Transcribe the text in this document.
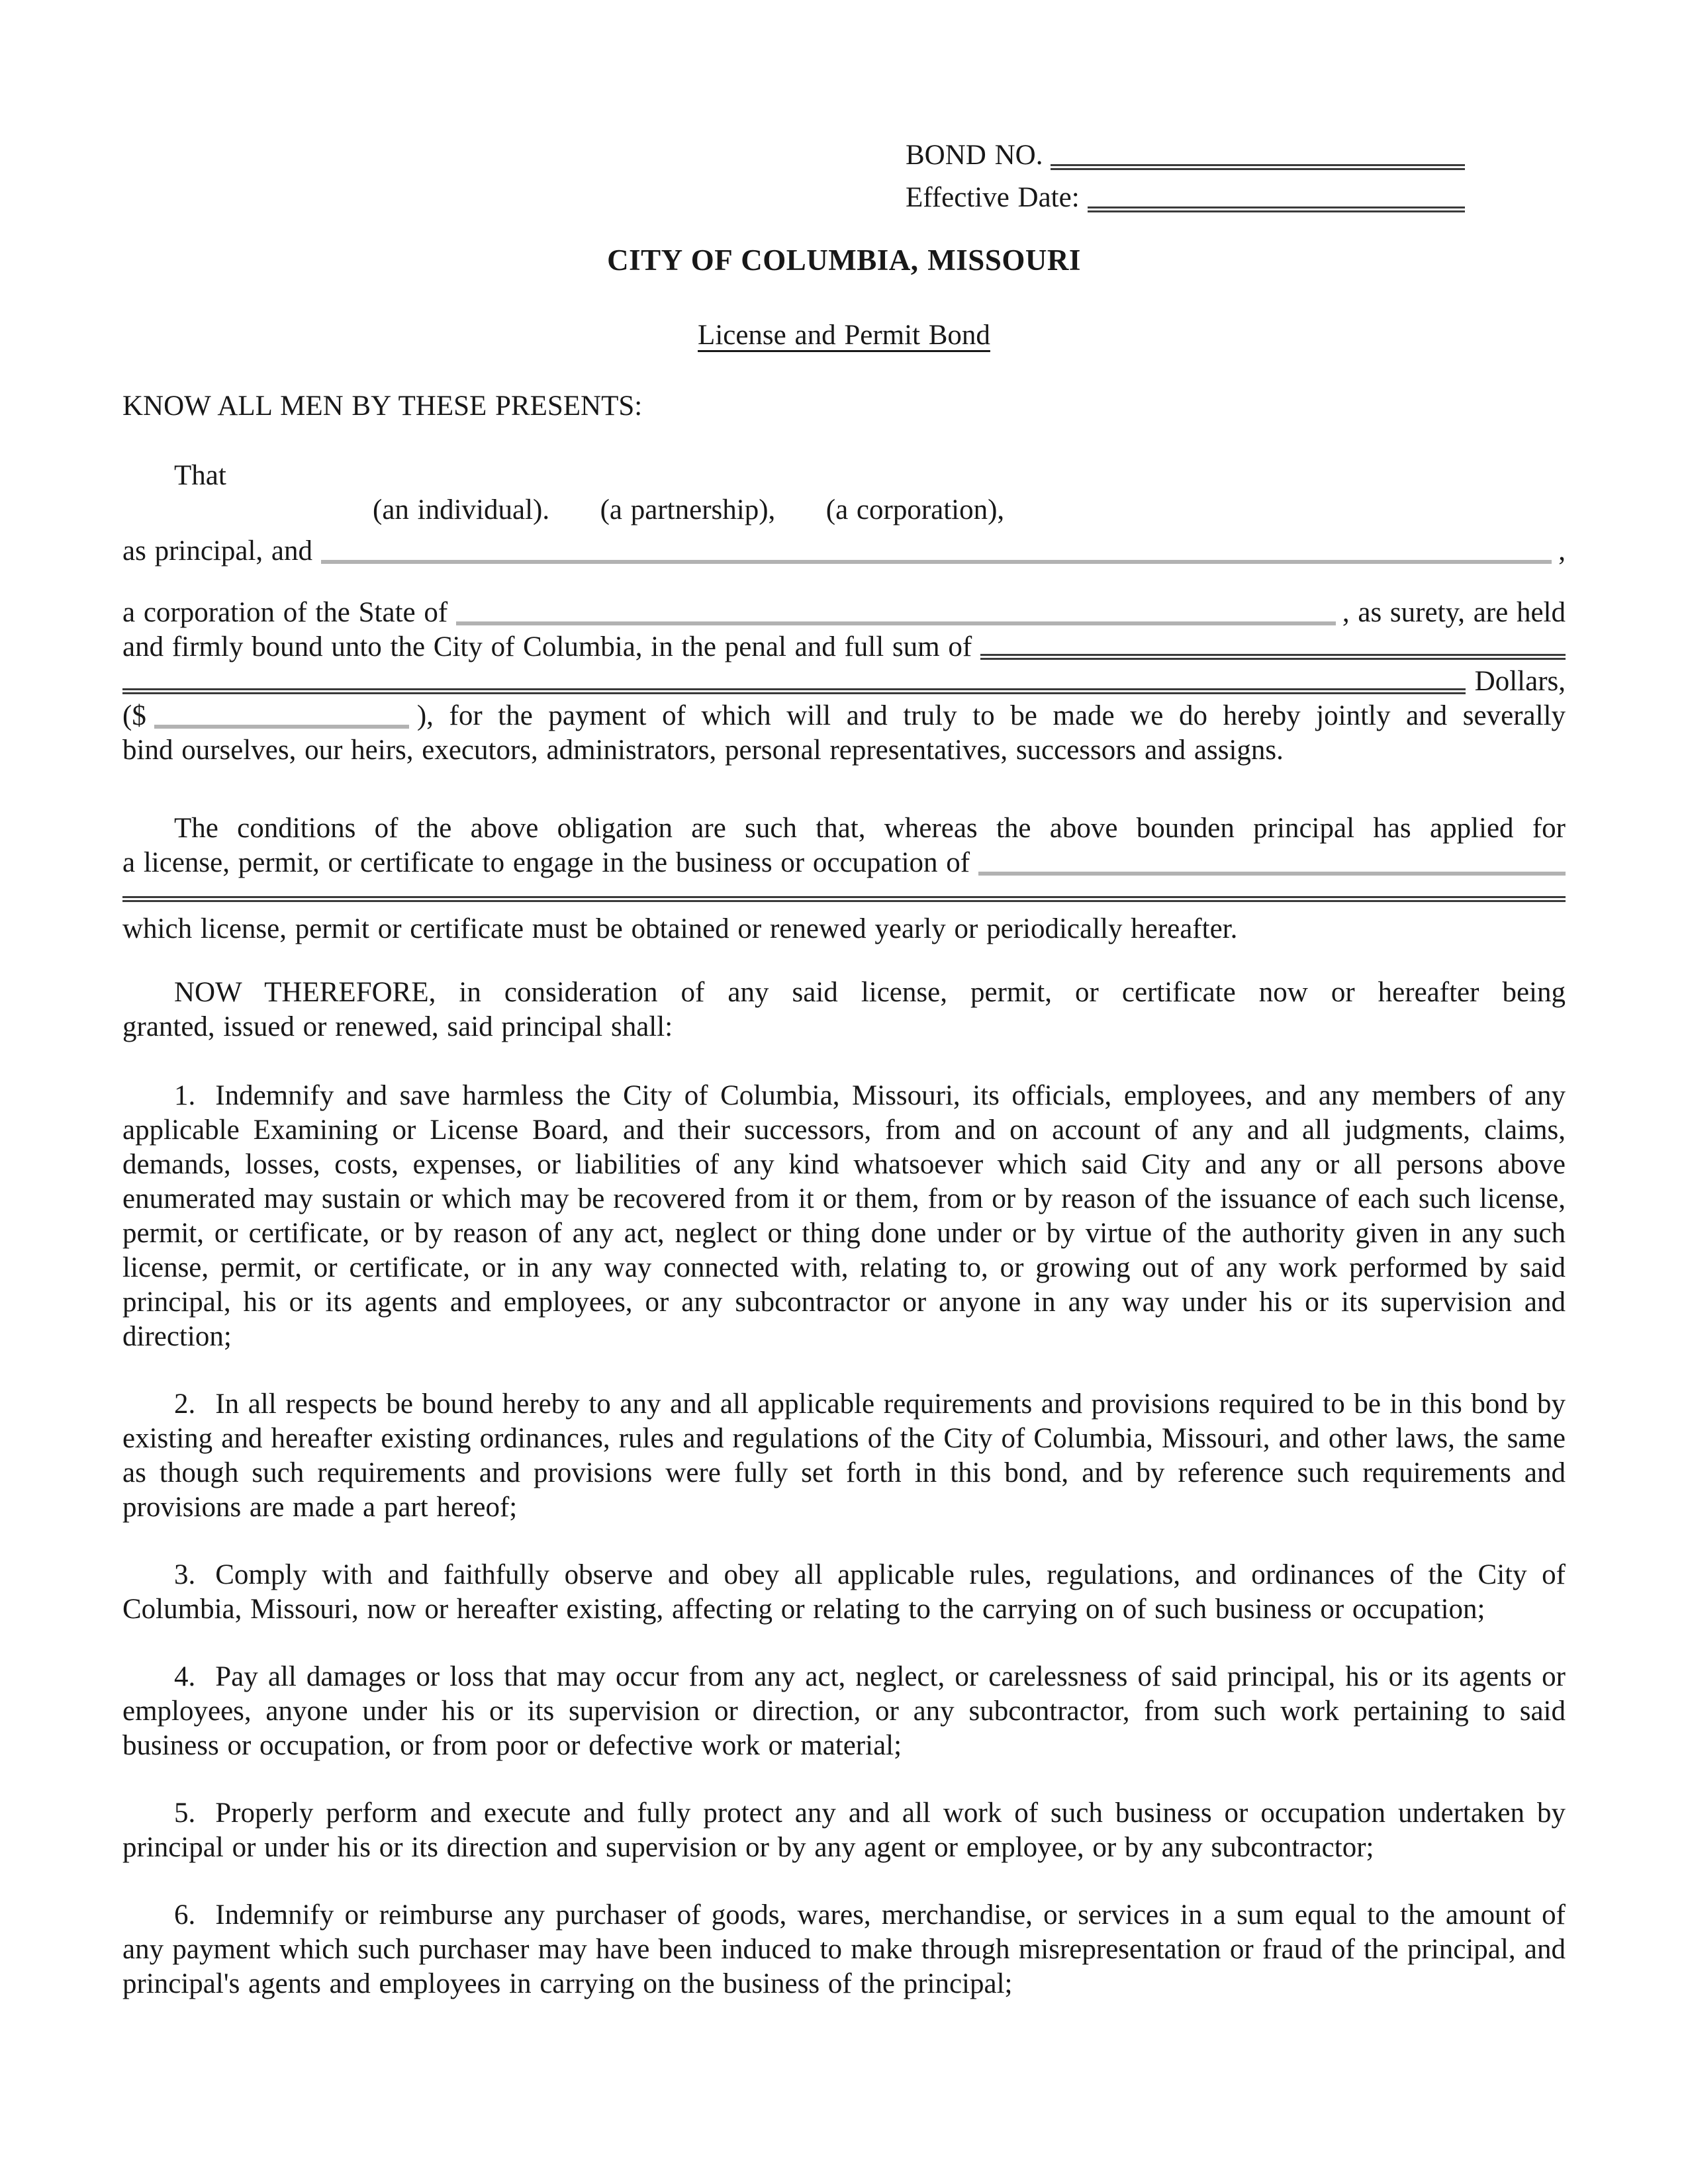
BOND NO.
Effective Date:
CITY OF COLUMBIA, MISSOURI
License and Permit Bond

KNOW ALL MEN BY THESE PRESENTS:

That
(an individual).      (a partnership),      (a corporation),
as principal, and	,
a corporation of the State of	, as surety, are held
and firmly bound unto the City of Columbia, in the penal and full sum of
Dollars,
($	), for the payment of which will and truly to be made we do hereby jointly and severally

bind ourselves, our heirs, executors, administrators, personal representatives, successors and assigns.

The conditions of the above obligation are such that, whereas the above bounden principal has applied for

a license, permit, or certificate to engage in the business or occupation of

which license, permit or certificate must be obtained or renewed yearly or periodically hereafter.

NOW THEREFORE, in consideration of any said license, permit, or certificate now or hereafter being

granted, issued or renewed, said principal shall:

1. Indemnify and save harmless the City of Columbia, Missouri, its officials, employees, and any members of any applicable Examining or License Board, and their successors, from and on account of any and all judgments, claims, demands, losses, costs, expenses, or liabilities of any kind whatsoever which said City and any or all persons above enumerated may sustain or which may be recovered from it or them, from or by reason of the issuance of each such license, permit, or certificate, or by reason of any act, neglect or thing done under or by virtue of the authority given in any such license, permit, or certificate, or in any way connected with, relating to, or growing out of any work performed by said principal, his or its agents and employees, or any subcontractor or anyone in any way under his or its supervision and direction;

2. In all respects be bound hereby to any and all applicable requirements and provisions required to be in this bond by existing and hereafter existing ordinances, rules and regulations of the City of Columbia, Missouri, and other laws, the same as though such requirements and provisions were fully set forth in this bond, and by reference such requirements and provisions are made a part hereof;

3. Comply with and faithfully observe and obey all applicable rules, regulations, and ordinances of the City of Columbia, Missouri, now or hereafter existing, affecting or relating to the carrying on of such business or occupation;

4. Pay all damages or loss that may occur from any act, neglect, or carelessness of said principal, his or its agents or employees, anyone under his or its supervision or direction, or any subcontractor, from such work pertaining to said business or occupation, or from poor or defective work or material;

5. Properly perform and execute and fully protect any and all work of such business or occupation undertaken by principal or under his or its direction and supervision or by any agent or employee, or by any subcontractor;

6. Indemnify or reimburse any purchaser of goods, wares, merchandise, or services in a sum equal to the amount of any payment which such purchaser may have been induced to make through misrepresentation or fraud of the principal, and principal's agents and employees in carrying on the business of the principal;
